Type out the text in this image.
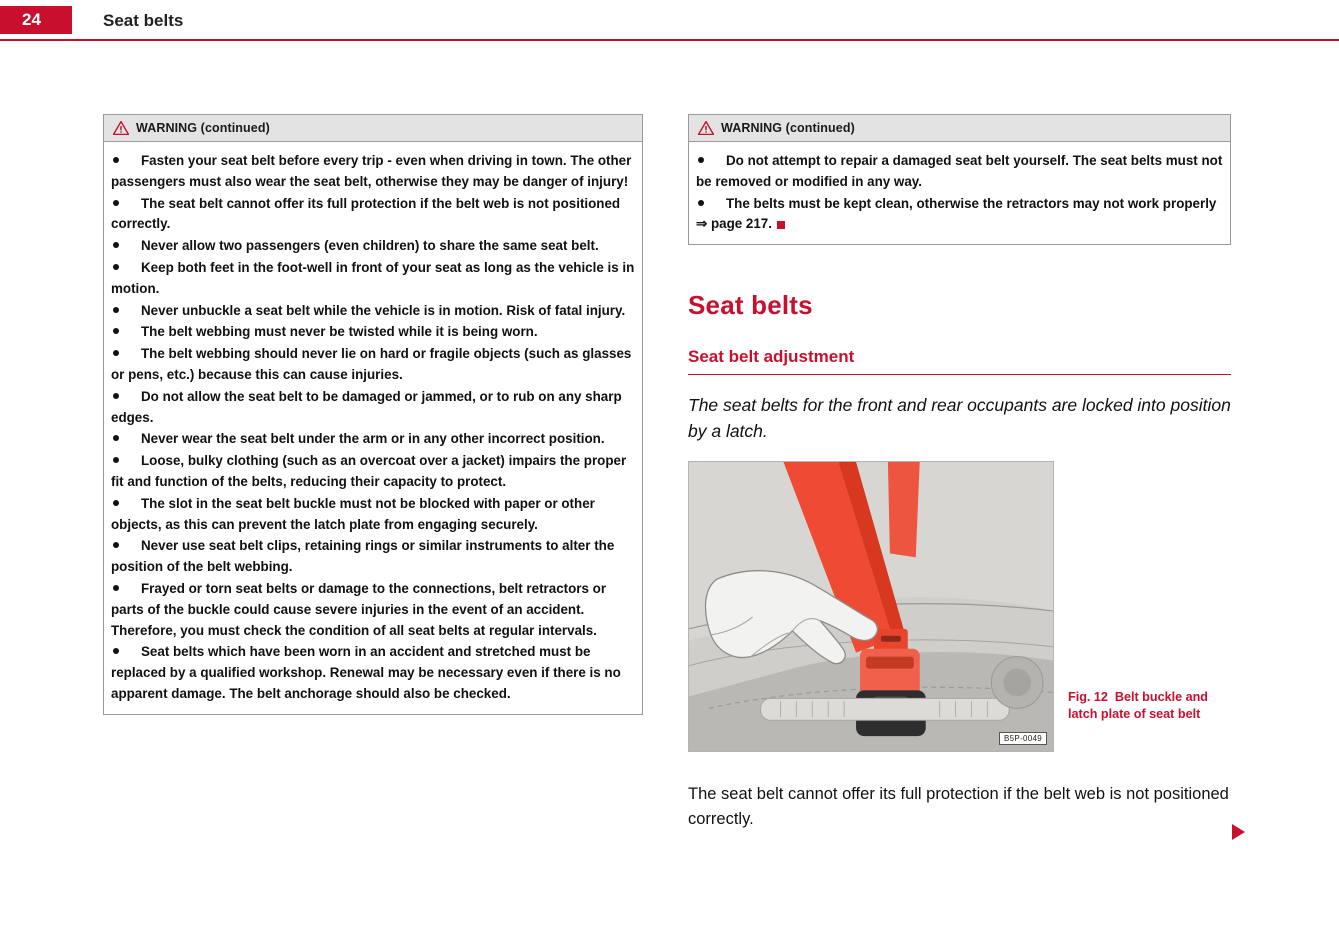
24	Seat belts
WARNING (continued)
Fasten your seat belt before every trip - even when driving in town. The other passengers must also wear the seat belt, otherwise they may be danger of injury!
The seat belt cannot offer its full protection if the belt web is not positioned correctly.
Never allow two passengers (even children) to share the same seat belt.
Keep both feet in the foot-well in front of your seat as long as the vehicle is in motion.
Never unbuckle a seat belt while the vehicle is in motion. Risk of fatal injury.
The belt webbing must never be twisted while it is being worn.
The belt webbing should never lie on hard or fragile objects (such as glasses or pens, etc.) because this can cause injuries.
Do not allow the seat belt to be damaged or jammed, or to rub on any sharp edges.
Never wear the seat belt under the arm or in any other incorrect position.
Loose, bulky clothing (such as an overcoat over a jacket) impairs the proper fit and function of the belts, reducing their capacity to protect.
The slot in the seat belt buckle must not be blocked with paper or other objects, as this can prevent the latch plate from engaging securely.
Never use seat belt clips, retaining rings or similar instruments to alter the position of the belt webbing.
Frayed or torn seat belts or damage to the connections, belt retractors or parts of the buckle could cause severe injuries in the event of an accident. Therefore, you must check the condition of all seat belts at regular intervals.
Seat belts which have been worn in an accident and stretched must be replaced by a qualified workshop. Renewal may be necessary even if there is no apparent damage. The belt anchorage should also be checked.
WARNING (continued)
Do not attempt to repair a damaged seat belt yourself. The seat belts must not be removed or modified in any way.
The belts must be kept clean, otherwise the retractors may not work properly ⇒ page 217.
Seat belts
Seat belt adjustment

The seat belts for the front and rear occupants are locked into position by a latch.

B5P-0049
Fig. 12 Belt buckle and latch plate of seat belt

The seat belt cannot offer its full protection if the belt web is not positioned correctly.
